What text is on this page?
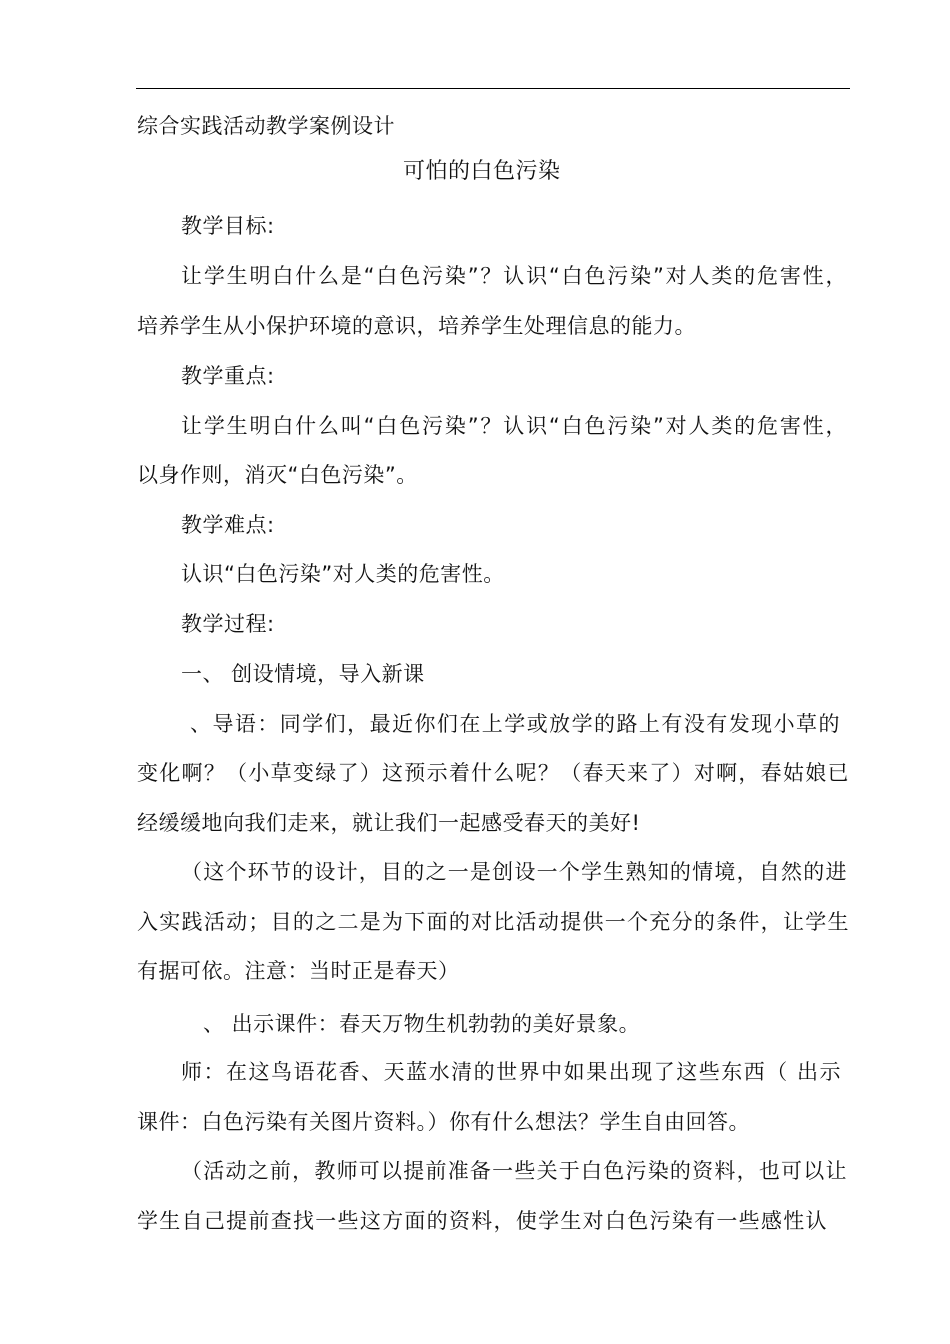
综合实践活动教学案例设计
可怕的白色污染
教学目标:
让学生明白什么是“白色污染”？认识“白色污染”对人类的危害性，
培养学生从小保护环境的意识，培养学生处理信息的能力。
教学重点:
让学生明白什么叫“白色污染”？认识“白色污染”对人类的危害性，
以身作则，消灭“白色污染”。
教学难点:
认识“白色污染”对人类的危害性。
教学过程:
一、 创设情境，导入新课
、导语：同学们，最近你们在上学或放学的路上有没有发现小草的
变化啊？（小草变绿了）这预示着什么呢？（春天来了）对啊，春姑娘已
经缓缓地向我们走来，就让我们一起感受春天的美好!
（这个环节的设计，目的之一是创设一个学生熟知的情境，自然的进
入实践活动；目的之二是为下面的对比活动提供一个充分的条件，让学生
有据可依。注意：当时正是春天）
、 出示课件：春天万物生机勃勃的美好景象。
师：在这鸟语花香、天蓝水清的世界中如果出现了这些东西（ 出示
课件：白色污染有关图片资料。）你有什么想法？学生自由回答。
（活动之前，教师可以提前准备一些关于白色污染的资料，也可以让
学生自己提前查找一些这方面的资料，使学生对白色污染有一些感性认
